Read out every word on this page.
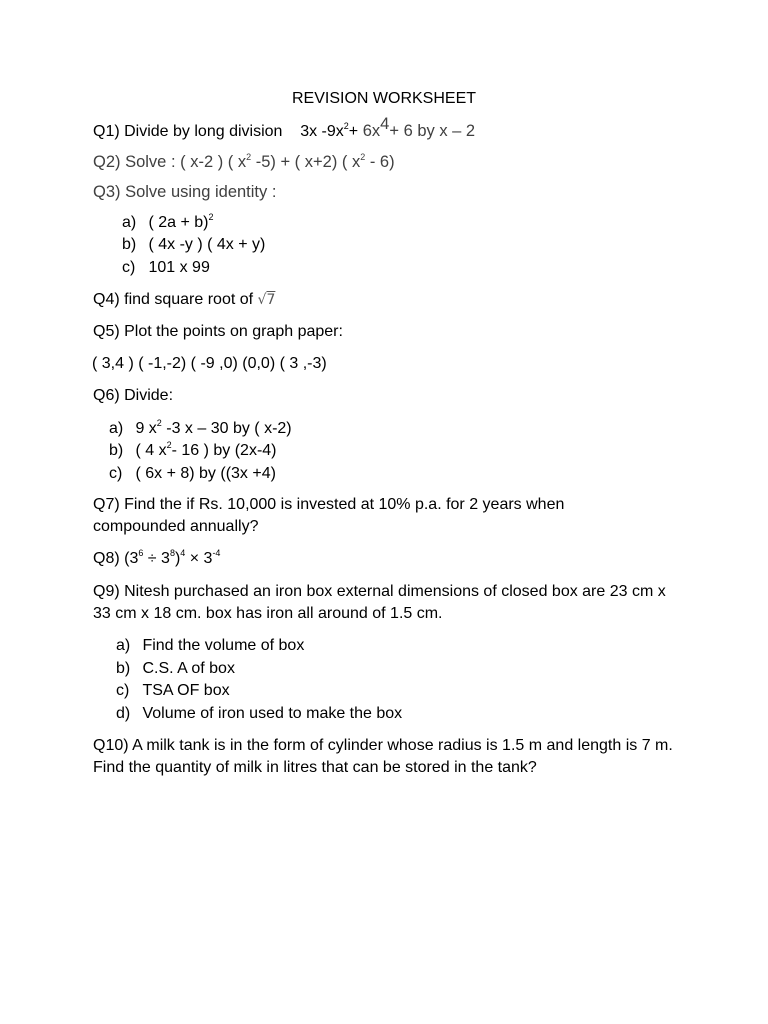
REVISION WORKSHEET
Q1) Divide by long division 3x $-9x^2+ 6x^4+ 6$ by x – 2
Q2) Solve : ( x-2 ) ( $x^2$ -5) + ( x+2) ( $x^2 - 6$)
Q3) Solve using identity :
a) ( 2a + b)$^2$
b) ( 4x -y ) ( 4x + y)
c) 101 x 99
Q4) find square root of √7
Q5) Plot the points on graph paper:
( 3,4 ) ( -1,-2) ( -9 ,0) (0,0) ( 3 ,-3)
Q6) Divide:
a) 9 $x^2$ -3 x – 30 by ( x-2)
b) ( 4 $x^2-$ 16 ) by (2x-4)
c) ( 6x + 8) by ((3x +4)
Q7) Find the if Rs. 10,000 is invested at 10% p.a. for 2 years when compounded annually?
Q8) $(3^6 \div 3^8)^4 \times 3^{-4}$
Q9) Nitesh purchased an iron box external dimensions of closed box are 23 cm x 33 cm x 18 cm. box has iron all around of 1.5 cm.
a) Find the volume of box
b) C.S. A of box
c) TSA OF box
d) Volume of iron used to make the box
Q10) A milk tank is in the form of cylinder whose radius is 1.5 m and length is 7 m. Find the quantity of milk in litres that can be stored in the tank?
